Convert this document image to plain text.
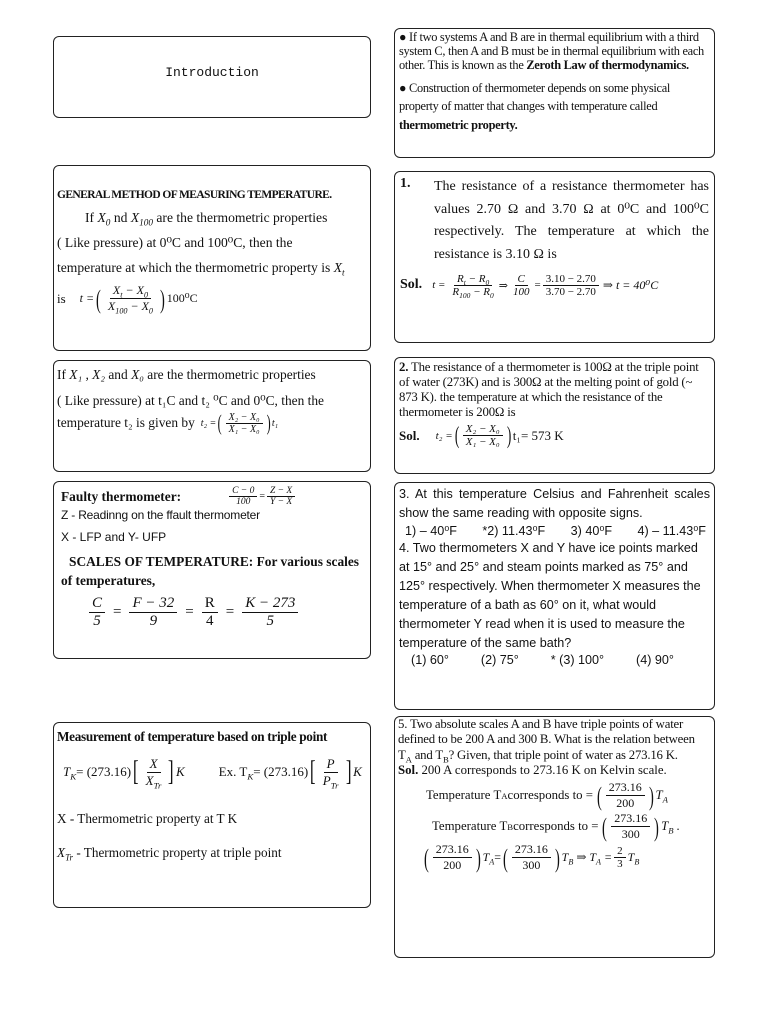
Introduction

● If two systems A and B are in thermal equilibrium with a third system C, then A and B must be in thermal equilibrium with each other. This is known as the Zeroth Law of thermodynamics.

● Construction of thermometer depends on some physical property of matter that changes with temperature called thermometric property.

GENERAL METHOD OF MEASURING TEMPERATURE.

If $X_0$ nd $X_{100}$ are the thermometric properties

( Like pressure) at 0⁰C and 100⁰C, then the

temperature at which the thermometric property is $X_t$

is t = ( $\frac{X_t - X_0}{X_{100} - X_0}$ ) 100⁰C
1.	The resistance of a resistance thermometer has values 2.70 Ω and 3.70 Ω at 0⁰C and 100⁰C respectively. The temperature at which the resistance is 3.10 Ω is

Sol. $t = \frac{R_t - R_0}{R_{100} - R_0}$ ⇒ $\frac{C}{100} = \frac{3.10 - 2.70}{3.70 - 2.70}$ ⇒ t = 40⁰C

If X₁ , X₂ and X₀ are the thermometric properties

( Like pressure) at t₁C and t₂ ⁰C and 0⁰C, then the

temperature t₂ is given by t₂ = ( $\frac{\text{X₂ − X₀}}{\text{X₁ − X₀}}$ ) t₁

2. The resistance of a thermometer is 100Ω at the triple point of water (273K) and is 300Ω at the melting point of gold (~ 873 K). the temperature at which the resistance of the thermometer is 200Ω is

Sol. t₂ = ( $\frac{\text{X₂ − X₀}}{\text{X₁ − X₀}}$ ) t₁= 573 K
Faulty thermometer:	$\frac{C - 0}{100} = \frac{Z - X}{Y - X}$

Z - Readinng on the ffault thermometer

X - LFP and Y- UFP

SCALES OF TEMPERATURE: For various scales of temperatures,

$\frac{C}{5} = \frac{F - 32}{9} = \frac{R}{4} = \frac{K - 273}{5}$

3. At this temperature Celsius and Fahrenheit scales show the same reading with opposite signs.

1) – 40⁰F *2) 11.43⁰F 3) 40⁰F 4) – 11.43⁰F

4. Two thermometers X and Y have ice points marked at 15° and 25° and steam points marked as 75° and 125° respectively. When thermometer X measures the temperature of a bath as 60° on it, what would thermometer Y read when it is used to measure the temperature of the same bath?

(1) 60°	(2) 75°	* (3) 100°	(4) 90°

Measurement of temperature based on triple point

$T_K = (273.16)$ [ $\frac{X}{X_{Tr}}$ ] K	Ex. $T_K = (273.16)$ [ $\frac{P}{P_{Tr}}$ ] K

X - Thermometric property at T K

$X_{Tr}$ - Thermometric property at triple point

5. Two absolute scales A and B have triple points of water defined to be 200 A and 300 B. What is the relation between $T_A$ and $T_B$? Given, that triple point of water as 273.16 K.

Sol. 200 A corresponds to 273.16 K on Kelvin scale.

Temperature T A corresponds to = ( $\frac{273.16}{200}$ ) $T_A$
Temperature T B corresponds to = ( $\frac{273.16}{300}$ ) $T_B$ .
( $\frac{273.16}{200}$ ) $T_A$ = ( $\frac{273.16}{300}$ ) $T_B$ ⇒ $T_A = \frac{2}{3} T_B$
